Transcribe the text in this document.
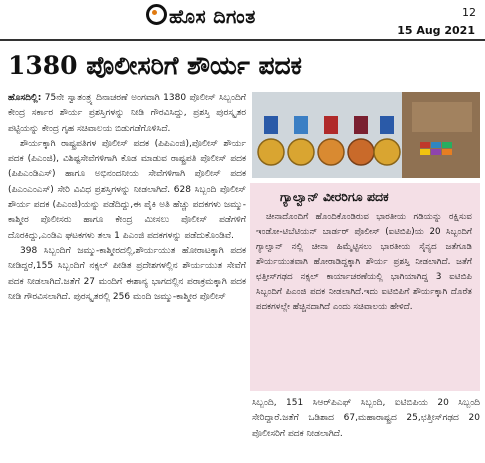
ಹೊಸ ದಿಗಂತ	12
15 Aug 2021
1380 ಪೊಲೀಸರಿಗೆ ಶೌರ್ಯ ಪದಕ

ಹೊಸದಿಲ್ಲಿ: 75ನೇ ಸ್ವಾತಂತ್ರ್ಯ ದಿನಾಚರಣೆ ಅಂಗವಾಗಿ 1380 ಪೊಲೀಸ್ ಸಿಬ್ಬಂದಿಗೆ ಕೇಂದ್ರ ಸರ್ಕಾರ ಶೌರ್ಯ ಪ್ರಶಸ್ತಿಗಳನ್ನು ನೀಡಿ ಗೌರವಿಸಿದ್ದು, ಪ್ರಶಸ್ತಿ ಪುರಸ್ಕೃತರ ಪಟ್ಟಿಯನ್ನು ಕೇಂದ್ರ ಗೃಹ ಸಚಿವಾಲಯ ಬಿಡುಗಡೆಗೊಳಿಸಿದೆ.

ಶೌರ್ಯಕ್ಕಾಗಿ ರಾಷ್ಟ್ರಪತಿಗಳ ಪೊಲೀಸ್ ಪದಕ (ಪಿಪಿಎಂಜಿ),ಪೊಲೀಸ್ ಶೌರ್ಯ ಪದಕ (ಪಿಎಂಜಿ), ವಿಶಿಷ್ಟಸೇವೆಗಳಿಗಾಗಿ ಕೊಡ ಮಾಡುವ ರಾಷ್ಟ್ರಪತಿ ಪೊಲೀಸ್ ಪದಕ (ಪಿಪಿಎಂಡಿಎಸ್) ಹಾಗೂ ಅಭಿನಂದನೀಯ ಸೇವೆಗಳಿಗಾಗಿ ಪೊಲೀಸ್ ಪದಕ (ಪಿಎಂಎಂಎಸ್) ಸೇರಿ ವಿವಿಧ ಪ್ರಶಸ್ತಿಗಳನ್ನು ನೀಡಲಾಗಿದೆ. 628 ಸಿಬ್ಬಂದಿ ಪೊಲೀಸ್ ಶೌರ್ಯ ಪದಕ (ಪಿಎಂಜಿ)ಯನ್ನು ಪಡೆದಿದ್ದು,ಈ ಪೈಕಿ ಅತಿ ಹೆಚ್ಚು ಪದಕಗಳು ಜಮ್ಮು-ಕಾಶ್ಮೀರ ಪೊಲೀಸರು ಹಾಗೂ ಕೇಂದ್ರ ಮೀಸಲು ಪೊಲೀಸ್ ಪಡೆಗಳಿಗೆ ದೊರಕಿದ್ದು,ಎಂಡಿಎ ಘಟಕಗಳು ತಲಾ 1 ಪಿಎಂಜಿ ಪದಕಗಳನ್ನು ಪಡೆದುಕೊಂಡಿವೆ.

398 ಸಿಬ್ಬಂದಿಗೆ ಜಮ್ಮು-ಕಾಶ್ಮೀರದಲ್ಲಿ,ಶೌರ್ಯಯುತ ಹೋರಾಟಕ್ಕಾಗಿ ಪದಕ ನೀಡಿದ್ದರೆ,155 ಸಿಬ್ಬಂದಿಗೆ ನಕ್ಸಲ್ ಪೀಡಿತ ಪ್ರದೇಶಗಳಲ್ಲಿನ ಶೌರ್ಯಯುತ ಸೇವೆಗೆ ಪದಕ ನೀಡಲಾಗಿದೆ.ಜತೆಗೆ 27 ಮಂದಿಗೆ ಈಶಾನ್ಯ ಭಾಗದಲ್ಲಿನ ಪರಾಕ್ರಮಕ್ಕಾಗಿ ಪದಕ ನೀಡಿ ಗೌರವಿಸಲಾಗಿದೆ. ಪುರಸ್ಕೃತರಲ್ಲಿ 256 ಮಂದಿ ಜಮ್ಮು-ಕಾಶ್ಮೀರ ಪೊಲೀಸ್

ಗ್ಯಾಲ್ವಾನ್ ವೀರರಿಗೂ ಪದಕ

ಚೀನಾದೊಂದಿಗೆ ಹೊಂದಿಕೊಂಡಿರುವ ಭಾರತೀಯ ಗಡಿಯನ್ನು ರಕ್ಷಿಸುವ ಇಂಡೋ-ಟಿಬೆಟಿಯನ್ ಬಾರ್ಡರ್ ಪೊಲೀಸ್ (ಐಟಿಬಿಪಿ)ಯ 20 ಸಿಬ್ಬಂದಿಗೆ ಗ್ಯಾಲ್ವಾನ್ ನಲ್ಲಿ ಚೀನಾ ಹಿಮ್ಮೆಟ್ಟಿಸಲು ಭಾರತೀಯ ಸೈನ್ಯದ ಜತೆಗೂಡಿ ಶೌರ್ಯಯುತವಾಗಿ ಹೋರಾಡಿದ್ದಕ್ಕಾಗಿ ಶೌರ್ಯ ಪ್ರಶಸ್ತಿ ನೀಡಲಾಗಿದೆ. ಜತೆಗೆ ಛತ್ತೀಸ್‌ಗಢದ ನಕ್ಸಲ್ ಕಾರ್ಯಾಚರಣೆಯಲ್ಲಿ ಭಾಗಿಯಾಗಿದ್ದ 3 ಐಟಿಬಿಪಿ ಸಿಬ್ಬಂದಿಗೆ ಪಿಎಂಜಿ ಪದಕ ನೀಡಲಾಗಿದೆ.ಇದು ಐಟಿಬಿಪಿಗೆ ಶೌರ್ಯಕ್ಕಾಗಿ ದೊರೆತ ಪದಕಗಳಲ್ಲೇ ಹೆಚ್ಚಿನದಾಗಿದೆ ಎಂದು ಸಚಿವಾಲಯ ಹೇಳಿದೆ.

ಸಿಬ್ಬಂದಿ, 151 ಸಿಆರ್‌ಪಿಎಫ್ ಸಿಬ್ಬಂದಿ, ಐಟಿಬಿಪಿಯ 20 ಸಿಬ್ಬಂದಿ ಸೇರಿದ್ದಾರೆ.ಜತೆಗೆ ಒಡಿಶಾದ 67,ಮಹಾರಾಷ್ಟ್ರದ 25,ಛತ್ತೀಸ್‌ಗಢದ 20 ಪೊಲೀಸರಿಗೆ ಪದಕ ನೀಡಲಾಗಿದೆ.
